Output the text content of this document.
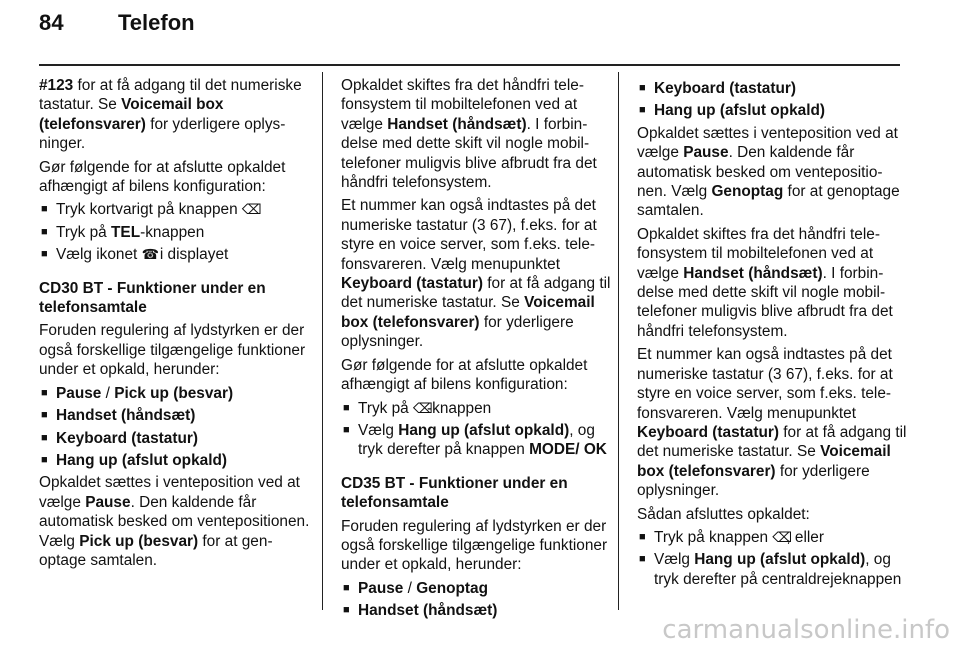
84 Telefon

#123 for at få adgang til det numeriske tastatur. Se Voicemail box (telefonsvarer) for yderligere oplysninger.

Gør følgende for at afslutte opkaldet afhængigt af bilens konfiguration:

■ Tryk kortvarigt på knappen ⌫
■ Tryk på TEL-knappen
■ Vælg ikonet ☎ i displayet

CD30 BT - Funktioner under en telefonsamtale

Foruden regulering af lydstyrken er der også forskellige tilgængelige funktioner under et opkald, herunder:

■ Pause / Pick up (besvar)
■ Handset (håndsæt)
■ Keyboard (tastatur)
■ Hang up (afslut opkald)

Opkaldet sættes i venteposition ved at vælge Pause. Den kaldende får automatisk besked om ventepositionen. Vælg Pick up (besvar) for at genoptage samtalen.

Opkaldet skiftes fra det håndfri telefonsystem til mobiltelefonen ved at vælge Handset (håndsæt). I forbindelse med dette skift vil nogle mobiltelefoner muligvis blive afbrudt fra det håndfri telefonsystem.

Et nummer kan også indtastes på det numeriske tastatur (3 67), f.eks. for at styre en voice server, som f.eks. telefonsvareren. Vælg menupunktet Keyboard (tastatur) for at få adgang til det numeriske tastatur. Se Voicemail box (telefonsvarer) for yderligere oplysninger.

Gør følgende for at afslutte opkaldet afhængigt af bilens konfiguration:

■ Tryk på ⌫-knappen
■ Vælg Hang up (afslut opkald), og tryk derefter på knappen MODE/ OK

CD35 BT - Funktioner under en telefonsamtale

Foruden regulering af lydstyrken er der også forskellige tilgængelige funktioner under et opkald, herunder:

■ Pause / Genoptag
■ Handset (håndsæt)
■ Keyboard (tastatur)
■ Hang up (afslut opkald)

Opkaldet sættes i venteposition ved at vælge Pause. Den kaldende får automatisk besked om ventepositionen. Vælg Genoptag for at genoptage samtalen.

Opkaldet skiftes fra det håndfri telefonsystem til mobiltelefonen ved at vælge Handset (håndsæt). I forbindelse med dette skift vil nogle mobiltelefoner muligvis blive afbrudt fra det håndfri telefonsystem.

Et nummer kan også indtastes på det numeriske tastatur (3 67), f.eks. for at styre en voice server, som f.eks. telefonsvareren. Vælg menupunktet Keyboard (tastatur) for at få adgang til det numeriske tastatur. Se Voicemail box (telefonsvarer) for yderligere oplysninger.

Sådan afsluttes opkaldet:

■ Tryk på knappen ⌫, eller
■ Vælg Hang up (afslut opkald), og tryk derefter på centraldrejeknappen
carmanualsonline.info
